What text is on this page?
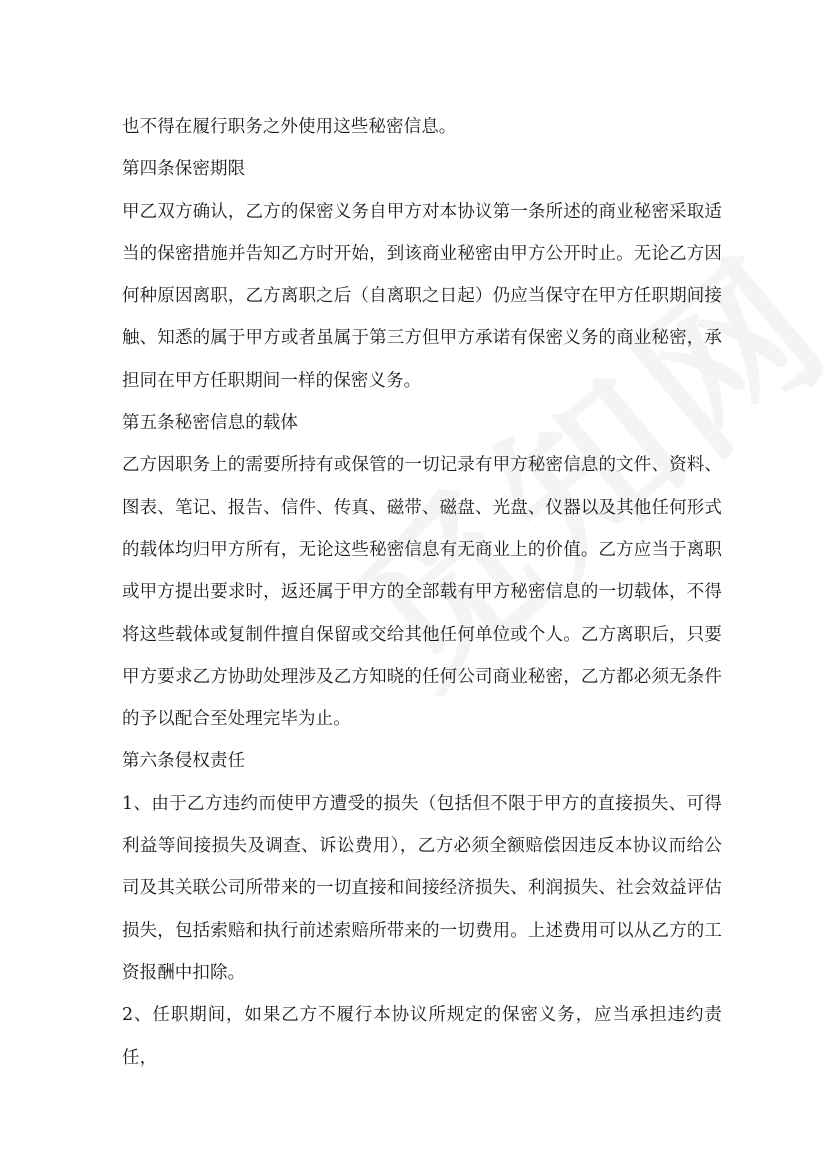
也不得在履行职务之外使用这些秘密信息。

第四条保密期限

甲乙双方确认，乙方的保密义务自甲方对本协议第一条所述的商业秘密采取适当的保密措施并告知乙方时开始，到该商业秘密由甲方公开时止。无论乙方因何种原因离职，乙方离职之后（自离职之日起）仍应当保守在甲方任职期间接触、知悉的属于甲方或者虽属于第三方但甲方承诺有保密义务的商业秘密，承担同在甲方任职期间一样的保密义务。

第五条秘密信息的载体

乙方因职务上的需要所持有或保管的一切记录有甲方秘密信息的文件、资料、图表、笔记、报告、信件、传真、磁带、磁盘、光盘、仪器以及其他任何形式的载体均归甲方所有，无论这些秘密信息有无商业上的价值。乙方应当于离职或甲方提出要求时，返还属于甲方的全部载有甲方秘密信息的一切载体，不得将这些载体或复制件擅自保留或交给其他任何单位或个人。乙方离职后，只要甲方要求乙方协助处理涉及乙方知晓的任何公司商业秘密，乙方都必须无条件的予以配合至处理完毕为止。

第六条侵权责任

1、由于乙方违约而使甲方遭受的损失（包括但不限于甲方的直接损失、可得利益等间接损失及调查、诉讼费用），乙方必须全额赔偿因违反本协议而给公司及其关联公司所带来的一切直接和间接经济损失、利润损失、社会效益评估损失，包括索赔和执行前述索赔所带来的一切费用。上述费用可以从乙方的工资报酬中扣除。

2、任职期间，如果乙方不履行本协议所规定的保密义务，应当承担违约责任，
